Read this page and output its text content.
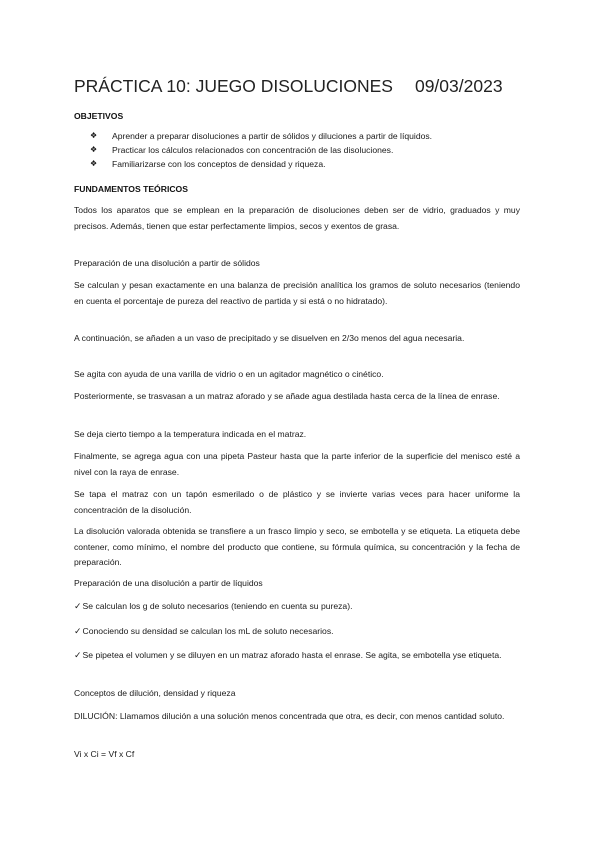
PRÁCTICA 10: JUEGO DISOLUCIONES 09/03/2023
OBJETIVOS
❖ Aprender a preparar disoluciones a partir de sólidos y diluciones a partir de líquidos.
❖ Practicar los cálculos relacionados con concentración de las disoluciones.
❖ Familiarizarse con los conceptos de densidad y riqueza.
FUNDAMENTOS TEÓRICOS
Todos los aparatos que se emplean en la preparación de disoluciones deben ser de vidrio, graduados y muy precisos. Además, tienen que estar perfectamente limpios, secos y exentos de grasa.
Preparación de una disolución a partir de sólidos
Se calculan y pesan exactamente en una balanza de precisión analítica los gramos de soluto necesarios (teniendo en cuenta el porcentaje de pureza del reactivo de partida y si está o no hidratado).
A continuación, se añaden a un vaso de precipitado y se disuelven en 2/3o menos del agua necesaria.
Se agita con ayuda de una varilla de vidrio o en un agitador magnético o cinético.
Posteriormente, se trasvasan a un matraz aforado y se añade agua destilada hasta cerca de la línea de enrase.
Se deja cierto tiempo a la temperatura indicada en el matraz.
Finalmente, se agrega agua con una pipeta Pasteur hasta que la parte inferior de la superficie del menisco esté a nivel con la raya de enrase.
Se tapa el matraz con un tapón esmerilado o de plástico y se invierte varias veces para hacer uniforme la concentración de la disolución.
La disolución valorada obtenida se transfiere a un frasco limpio y seco, se embotella y se etiqueta. La etiqueta debe contener, como mínimo, el nombre del producto que contiene, su fórmula química, su concentración y la fecha de preparación.
Preparación de una disolución a partir de líquidos
✓Se calculan los g de soluto necesarios (teniendo en cuenta su pureza).
✓Conociendo su densidad se calculan los mL de soluto necesarios.
✓Se pipetea el volumen y se diluyen en un matraz aforado hasta el enrase. Se agita, se embotella yse etiqueta.
Conceptos de dilución, densidad y riqueza
DILUCIÓN: Llamamos dilución a una solución menos concentrada que otra, es decir, con menos cantidad soluto.
Vi x Ci = Vf x Cf
